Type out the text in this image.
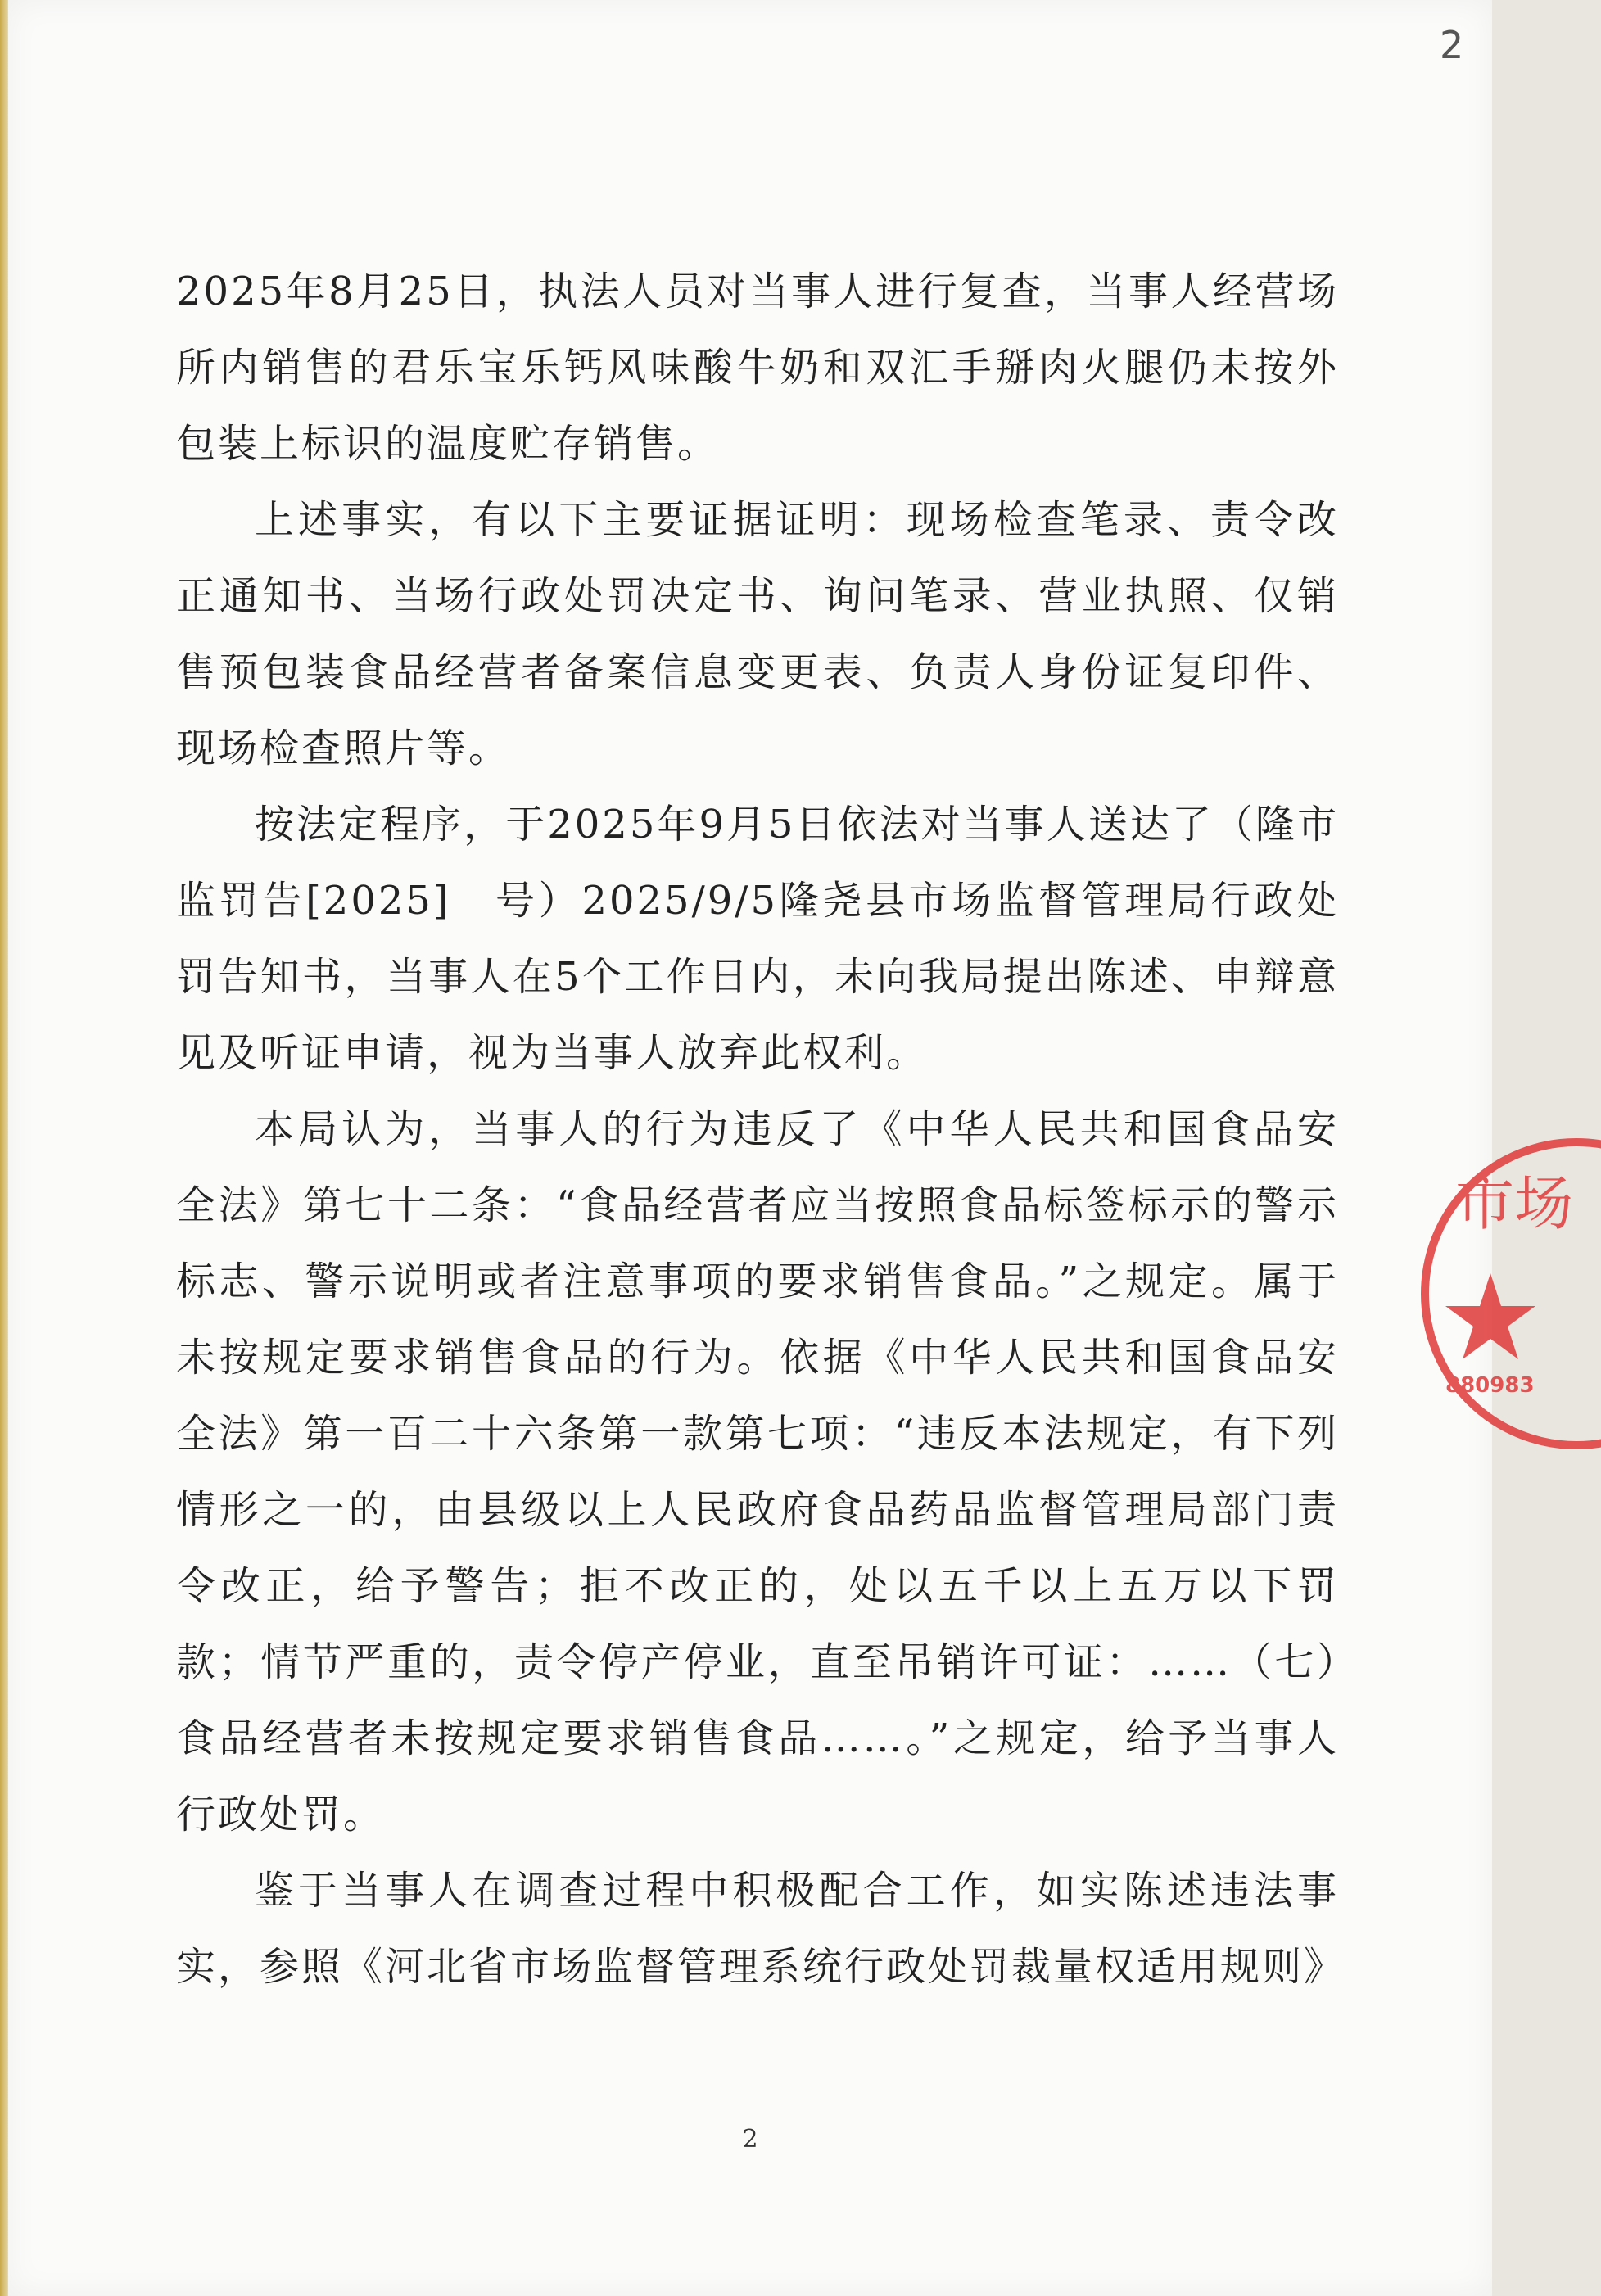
2

2025年8月25日，执法人员对当事人进行复查，当事人经营场所内销售的君乐宝乐钙风味酸牛奶和双汇手掰肉火腿仍未按外包装上标识的温度贮存销售。

上述事实，有以下主要证据证明：现场检查笔录、责令改正通知书、当场行政处罚决定书、询问笔录、营业执照、仅销售预包装食品经营者备案信息变更表、负责人身份证复印件、现场检查照片等。

按法定程序，于2025年9月5日依法对当事人送达了（隆市监罚告[2025]　号）2025/9/5隆尧县市场监督管理局行政处罚告知书，当事人在5个工作日内，未向我局提出陈述、申辩意见及听证申请，视为当事人放弃此权利。

本局认为，当事人的行为违反了《中华人民共和国食品安全法》第七十二条：“食品经营者应当按照食品标签标示的警示标志、警示说明或者注意事项的要求销售食品。”之规定。属于未按规定要求销售食品的行为。依据《中华人民共和国食品安全法》第一百二十六条第一款第七项：“违反本法规定，有下列情形之一的，由县级以上人民政府食品药品监督管理局部门责令改正，给予警告；拒不改正的，处以五千以上五万以下罚款；情节严重的，责令停产停业，直至吊销许可证：……（七）食品经营者未按规定要求销售食品……。”之规定，给予当事人行政处罚。

鉴于当事人在调查过程中积极配合工作，如实陈述违法事实，参照《河北省市场监督管理系统行政处罚裁量权适用规则》

2
市场
880983
